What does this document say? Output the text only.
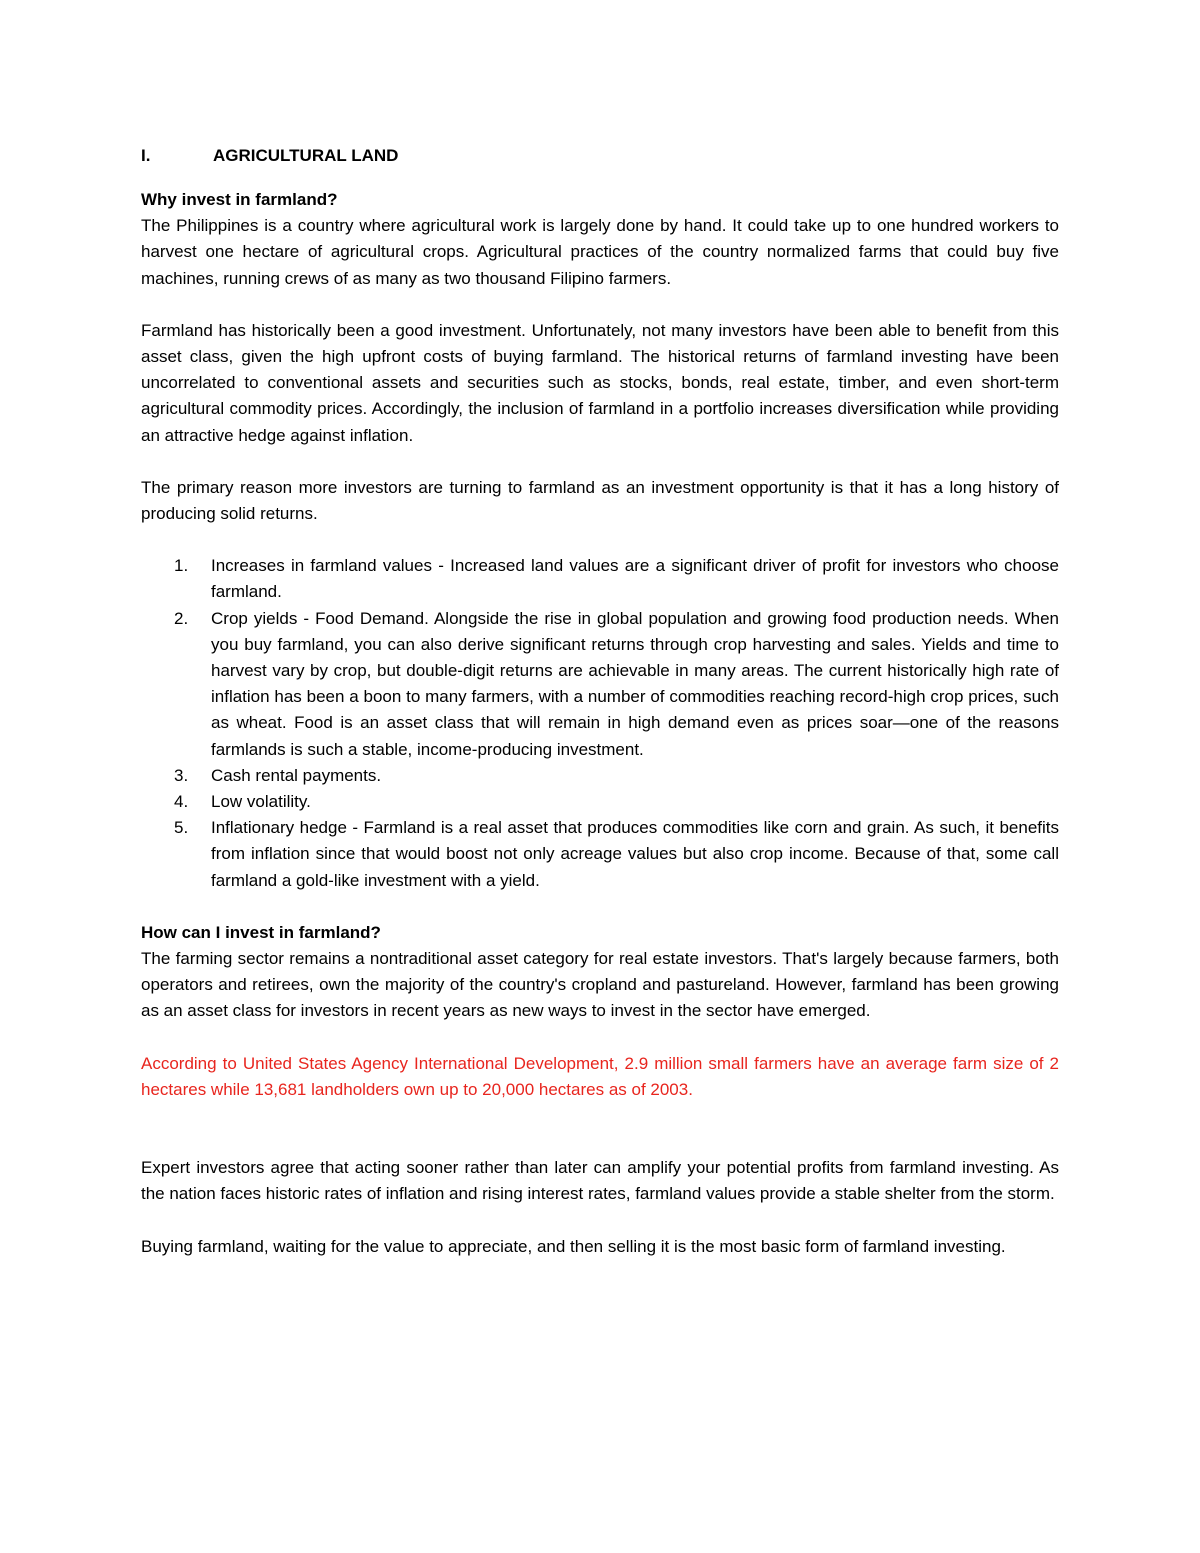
I.	AGRICULTURAL LAND
Why invest in farmland?

The Philippines is a country where agricultural work is largely done by hand. It could take up to one hundred workers to harvest one hectare of agricultural crops. Agricultural practices of the country normalized farms that could buy five machines, running crews of as many as two thousand Filipino farmers.

Farmland has historically been a good investment. Unfortunately, not many investors have been able to benefit from this asset class, given the high upfront costs of buying farmland. The historical returns of farmland investing have been uncorrelated to conventional assets and securities such as stocks, bonds, real estate, timber, and even short-term agricultural commodity prices. Accordingly, the inclusion of farmland in a portfolio increases diversification while providing an attractive hedge against inflation.

The primary reason more investors are turning to farmland as an investment opportunity is that it has a long history of producing solid returns.

1.	Increases in farmland values - Increased land values are a significant driver of profit for investors who choose farmland.
2.	Crop yields - Food Demand. Alongside the rise in global population and growing food production needs. When you buy farmland, you can also derive significant returns through crop harvesting and sales. Yields and time to harvest vary by crop, but double-digit returns are achievable in many areas. The current historically high rate of inflation has been a boon to many farmers, with a number of commodities reaching record-high crop prices, such as wheat. Food is an asset class that will remain in high demand even as prices soar—one of the reasons farmlands is such a stable, income-producing investment.
3.	Cash rental payments.
4.	Low volatility.
5.	Inflationary hedge - Farmland is a real asset that produces commodities like corn and grain. As such, it benefits from inflation since that would boost not only acreage values but also crop income. Because of that, some call farmland a gold-like investment with a yield.
How can I invest in farmland?

The farming sector remains a nontraditional asset category for real estate investors. That's largely because farmers, both operators and retirees, own the majority of the country's cropland and pastureland. However, farmland has been growing as an asset class for investors in recent years as new ways to invest in the sector have emerged.

According to United States Agency International Development, 2.9 million small farmers have an average farm size of 2 hectares while 13,681 landholders own up to 20,000 hectares as of 2003.

Expert investors agree that acting sooner rather than later can amplify your potential profits from farmland investing. As the nation faces historic rates of inflation and rising interest rates, farmland values provide a stable shelter from the storm.

Buying farmland, waiting for the value to appreciate, and then selling it is the most basic form of farmland investing.
